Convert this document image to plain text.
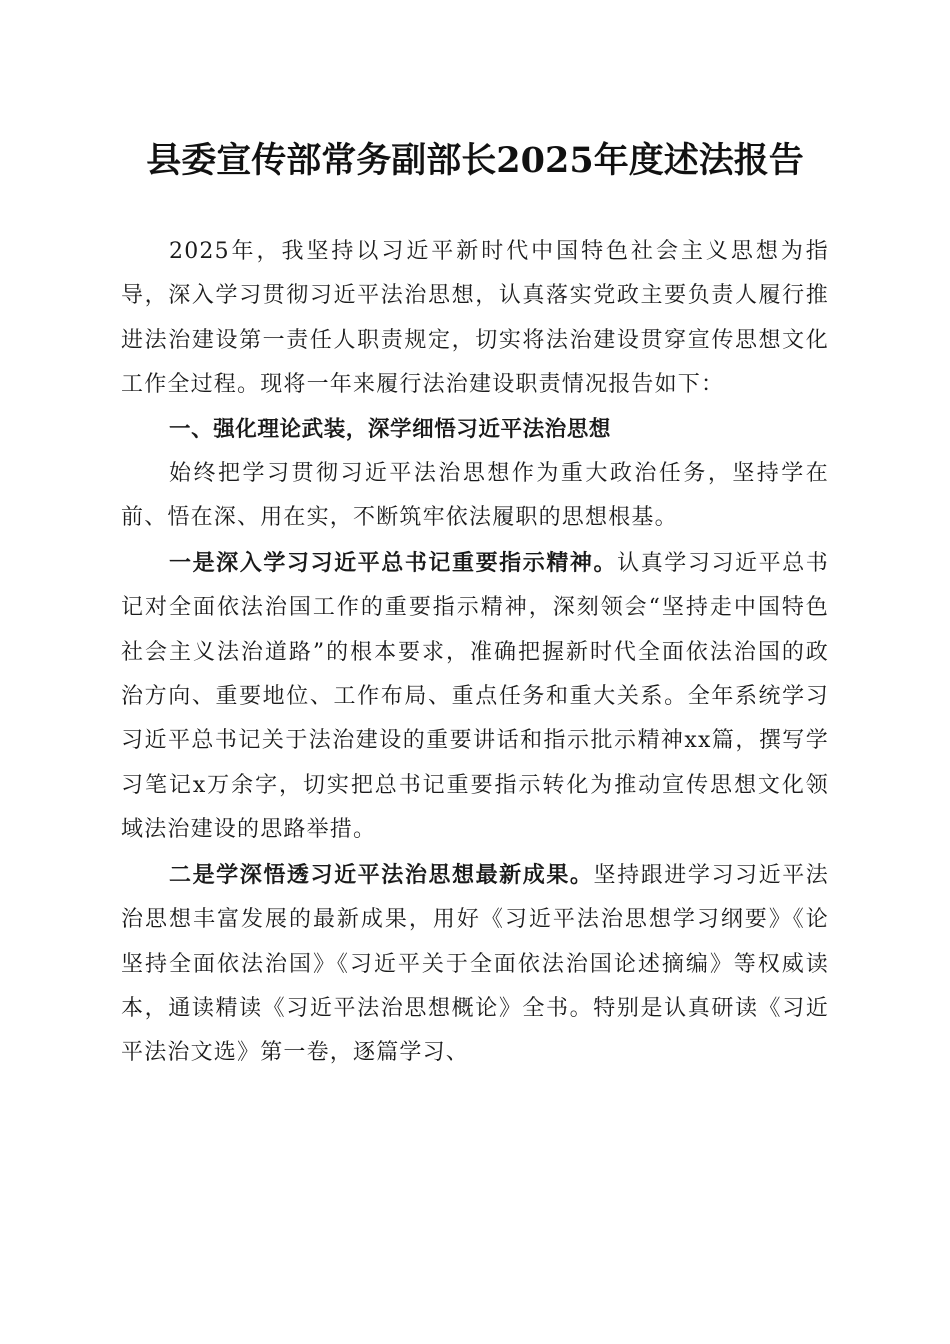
县委宣传部常务副部长2025年度述法报告

2025年，我坚持以习近平新时代中国特色社会主义思想为指导，深入学习贯彻习近平法治思想，认真落实党政主要负责人履行推进法治建设第一责任人职责规定，切实将法治建设贯穿宣传思想文化工作全过程。现将一年来履行法治建设职责情况报告如下：

一、强化理论武装，深学细悟习近平法治思想

始终把学习贯彻习近平法治思想作为重大政治任务，坚持学在前、悟在深、用在实，不断筑牢依法履职的思想根基。

一是深入学习习近平总书记重要指示精神。认真学习习近平总书记对全面依法治国工作的重要指示精神，深刻领会“坚持走中国特色社会主义法治道路”的根本要求，准确把握新时代全面依法治国的政治方向、重要地位、工作布局、重点任务和重大关系。全年系统学习习近平总书记关于法治建设的重要讲话和指示批示精神xx篇，撰写学习笔记x万余字，切实把总书记重要指示转化为推动宣传思想文化领域法治建设的思路举措。

二是学深悟透习近平法治思想最新成果。坚持跟进学习习近平法治思想丰富发展的最新成果，用好《习近平法治思想学习纲要》《论坚持全面依法治国》《习近平关于全面依法治国论述摘编》等权威读本，通读精读《习近平法治思想概论》全书。特别是认真研读《习近平法治文选》第一卷，逐篇学习、
